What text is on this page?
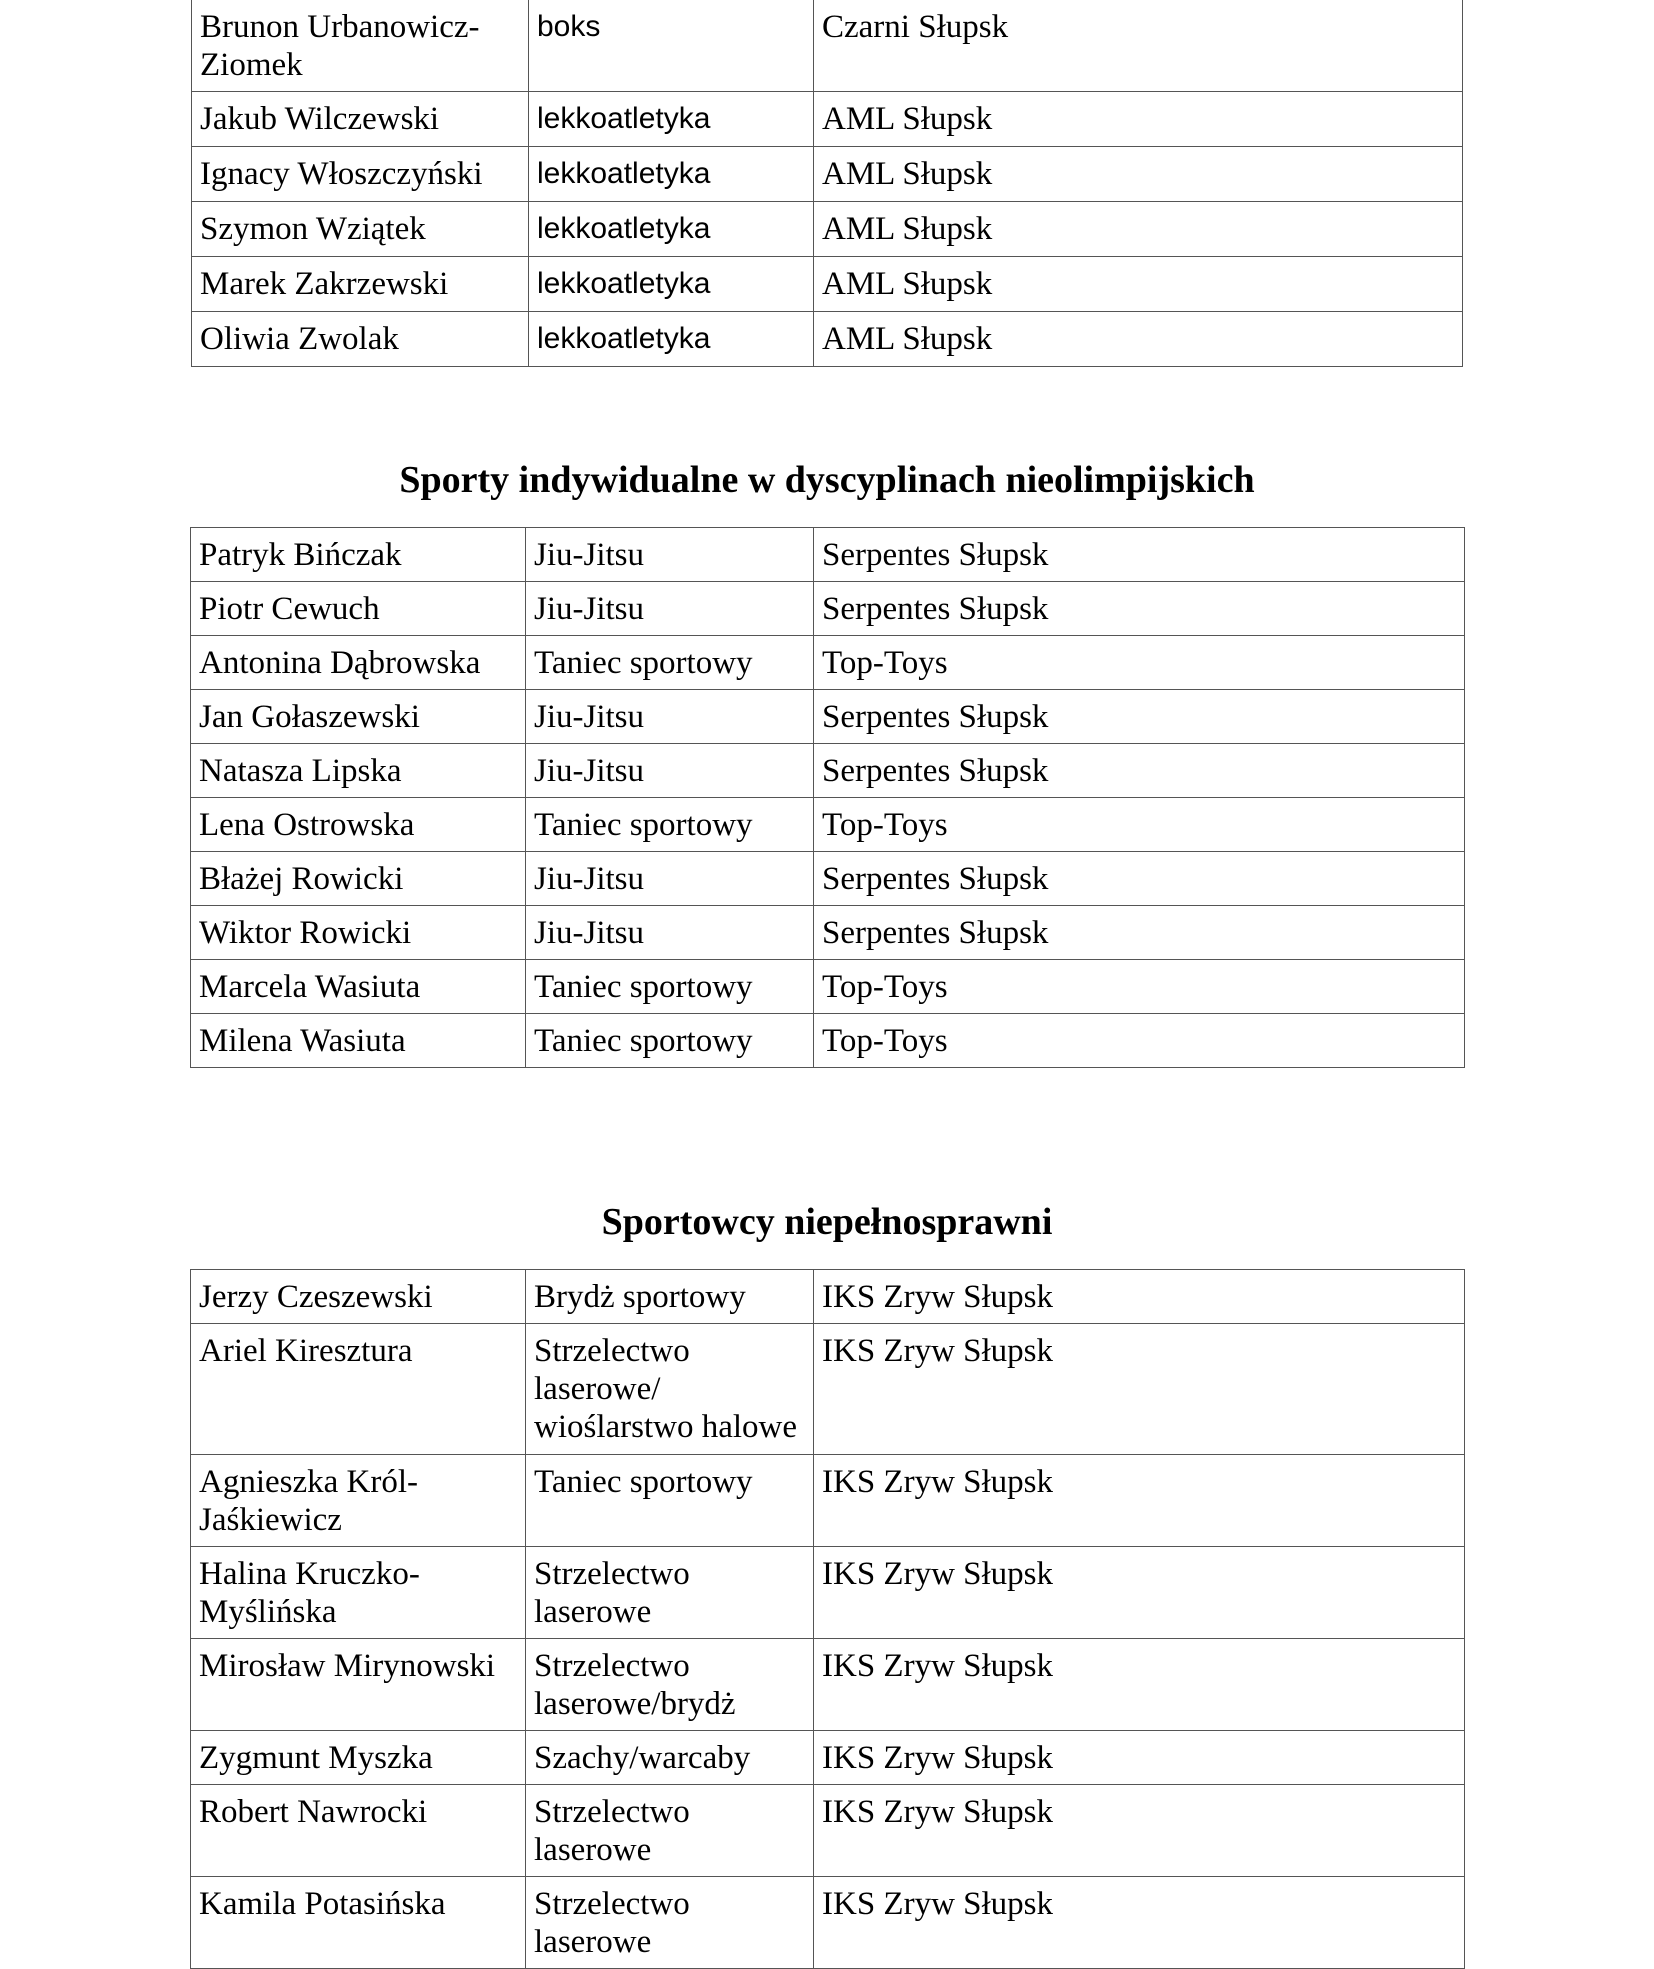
Brunon Urbanowicz-Ziomek	boks	Czarni Słupsk
Jakub Wilczewski	lekkoatletyka	AML Słupsk
Ignacy Włoszczyński	lekkoatletyka	AML Słupsk
Szymon Wziątek	lekkoatletyka	AML Słupsk
Marek Zakrzewski	lekkoatletyka	AML Słupsk
Oliwia Zwolak	lekkoatletyka	AML Słupsk
Sporty indywidualne w dyscyplinach nieolimpijskich
Patryk Bińczak	Jiu-Jitsu	Serpentes Słupsk
Piotr Cewuch	Jiu-Jitsu	Serpentes Słupsk
Antonina Dąbrowska	Taniec sportowy	Top-Toys
Jan Gołaszewski	Jiu-Jitsu	Serpentes Słupsk
Natasza Lipska	Jiu-Jitsu	Serpentes Słupsk
Lena Ostrowska	Taniec sportowy	Top-Toys
Błażej Rowicki	Jiu-Jitsu	Serpentes Słupsk
Wiktor Rowicki	Jiu-Jitsu	Serpentes Słupsk
Marcela Wasiuta	Taniec sportowy	Top-Toys
Milena Wasiuta	Taniec sportowy	Top-Toys
Sportowcy niepełnosprawni
Jerzy Czeszewski	Brydż sportowy	IKS Zryw Słupsk
Ariel Kiresztura	Strzelectwo laserowe/ wioślarstwo halowe	IKS Zryw Słupsk
Agnieszka Król-Jaśkiewicz	Taniec sportowy	IKS Zryw Słupsk
Halina Kruczko-Myślińska	Strzelectwo laserowe	IKS Zryw Słupsk
Mirosław Mirynowski	Strzelectwo laserowe/brydż	IKS Zryw Słupsk
Zygmunt Myszka	Szachy/warcaby	IKS Zryw Słupsk
Robert Nawrocki	Strzelectwo laserowe	IKS Zryw Słupsk
Kamila Potasińska	Strzelectwo laserowe	IKS Zryw Słupsk
